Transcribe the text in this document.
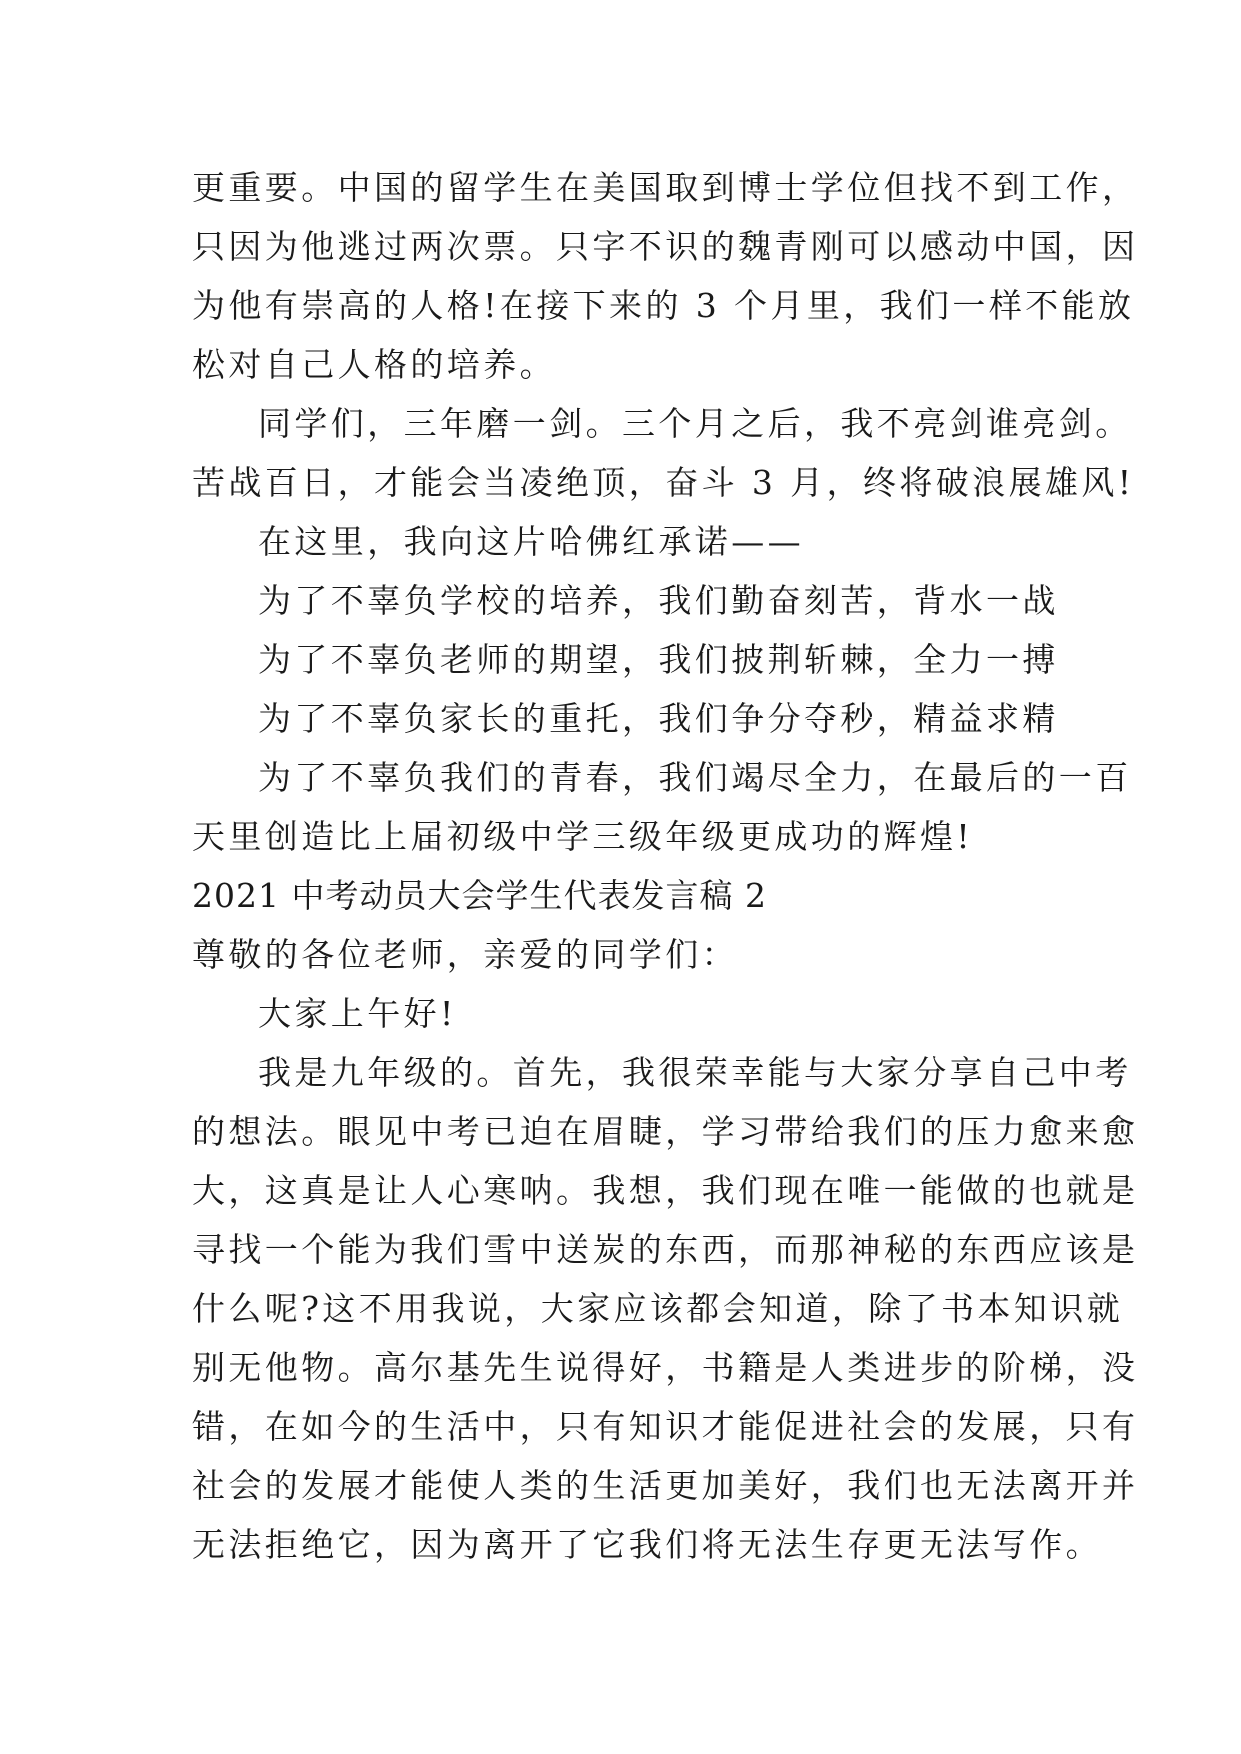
更重要。中国的留学生在美国取到博士学位但找不到工作，
只因为他逃过两次票。只字不识的魏青刚可以感动中国，因
为他有崇高的人格!在接下来的 3 个月里，我们一样不能放
松对自己人格的培养。
同学们，三年磨一剑。三个月之后，我不亮剑谁亮剑。
苦战百日，才能会当凌绝顶，奋斗 3 月，终将破浪展雄风!
在这里，我向这片哈佛红承诺——
为了不辜负学校的培养，我们勤奋刻苦，背水一战
为了不辜负老师的期望，我们披荆斩棘，全力一搏
为了不辜负家长的重托，我们争分夺秒，精益求精
为了不辜负我们的青春，我们竭尽全力，在最后的一百
天里创造比上届初级中学三级年级更成功的辉煌!
2021 中考动员大会学生代表发言稿 2
尊敬的各位老师，亲爱的同学们：
大家上午好!
我是九年级的。首先，我很荣幸能与大家分享自己中考
的想法。眼见中考已迫在眉睫，学习带给我们的压力愈来愈
大，这真是让人心寒呐。我想，我们现在唯一能做的也就是
寻找一个能为我们雪中送炭的东西，而那神秘的东西应该是
什么呢?这不用我说，大家应该都会知道，除了书本知识就
别无他物。高尔基先生说得好，书籍是人类进步的阶梯，没
错，在如今的生活中，只有知识才能促进社会的发展，只有
社会的发展才能使人类的生活更加美好，我们也无法离开并
无法拒绝它，因为离开了它我们将无法生存更无法写作。
